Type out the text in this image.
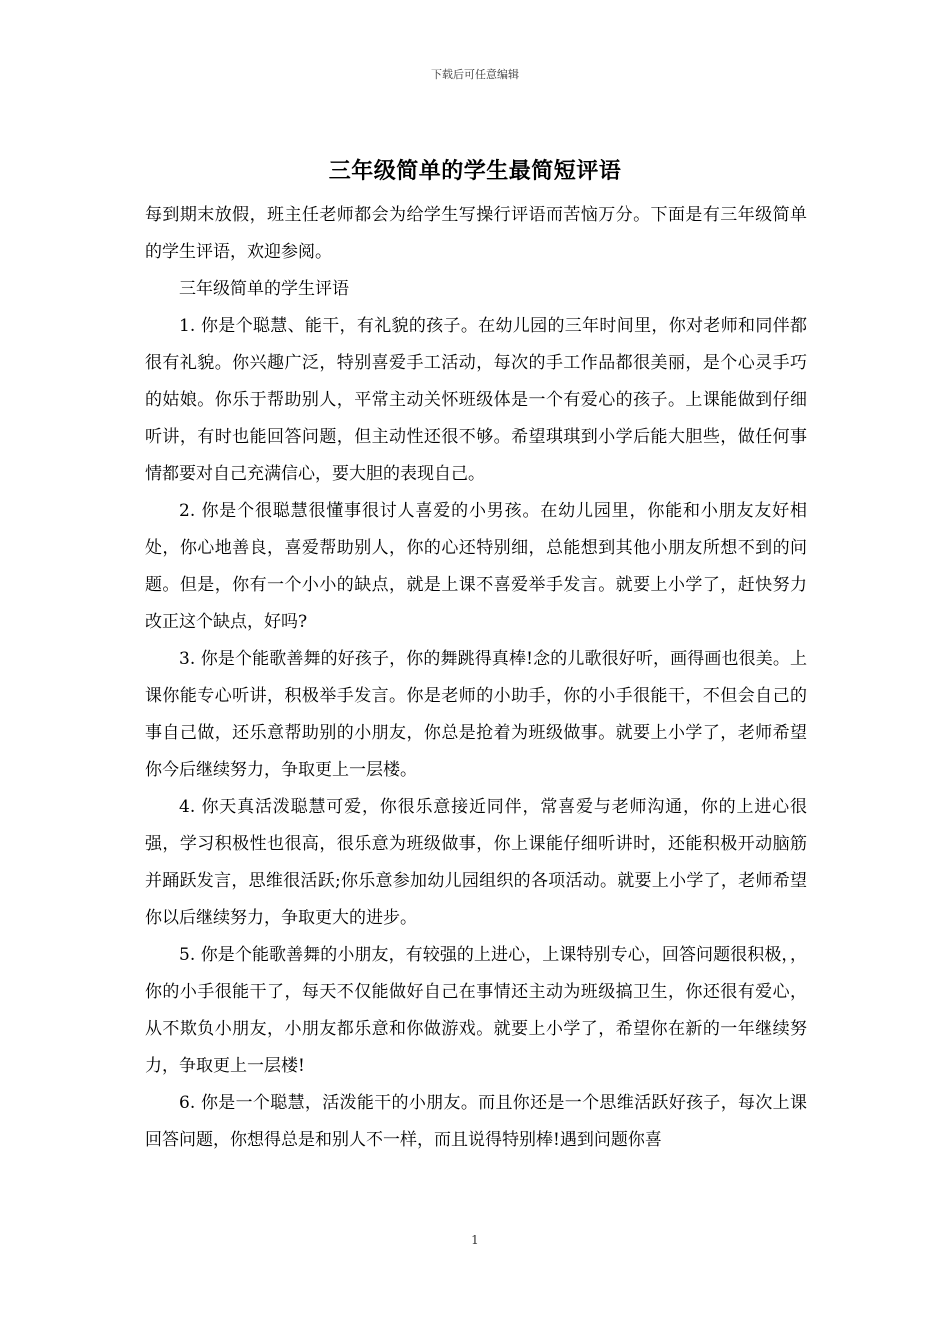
下载后可任意编辑
三年级简单的学生最简短评语

每到期末放假，班主任老师都会为给学生写操行评语而苦恼万分。下面是有三年级简单的学生评语，欢迎参阅。

三年级简单的学生评语

1. 你是个聪慧、能干，有礼貌的孩子。在幼儿园的三年时间里，你对老师和同伴都很有礼貌。你兴趣广泛，特别喜爱手工活动，每次的手工作品都很美丽，是个心灵手巧的姑娘。你乐于帮助别人，平常主动关怀班级体是一个有爱心的孩子。上课能做到仔细听讲，有时也能回答问题，但主动性还很不够。希望琪琪到小学后能大胆些，做任何事情都要对自己充满信心，要大胆的表现自己。

2. 你是个很聪慧很懂事很讨人喜爱的小男孩。在幼儿园里，你能和小朋友友好相处，你心地善良，喜爱帮助别人，你的心还特别细，总能想到其他小朋友所想不到的问题。但是，你有一个小小的缺点，就是上课不喜爱举手发言。就要上小学了，赶快努力改正这个缺点，好吗?

3. 你是个能歌善舞的好孩子，你的舞跳得真棒!念的儿歌很好听，画得画也很美。上课你能专心听讲，积极举手发言。你是老师的小助手，你的小手很能干，不但会自己的事自己做，还乐意帮助别的小朋友，你总是抢着为班级做事。就要上小学了，老师希望你今后继续努力，争取更上一层楼。

4. 你天真活泼聪慧可爱，你很乐意接近同伴，常喜爱与老师沟通，你的上进心很强，学习积极性也很高，很乐意为班级做事，你上课能仔细听讲时，还能积极开动脑筋并踊跃发言，思维很活跃;你乐意参加幼儿园组织的各项活动。就要上小学了，老师希望你以后继续努力，争取更大的进步。

5. 你是个能歌善舞的小朋友，有较强的上进心，上课特别专心，回答问题很积极，，你的小手很能干了，每天不仅能做好自己在事情还主动为班级搞卫生，你还很有爱心，从不欺负小朋友，小朋友都乐意和你做游戏。就要上小学了，希望你在新的一年继续努力，争取更上一层楼!

6. 你是一个聪慧，活泼能干的小朋友。而且你还是一个思维活跃好孩子，每次上课回答问题，你想得总是和别人不一样，而且说得特别棒!遇到问题你喜

1
